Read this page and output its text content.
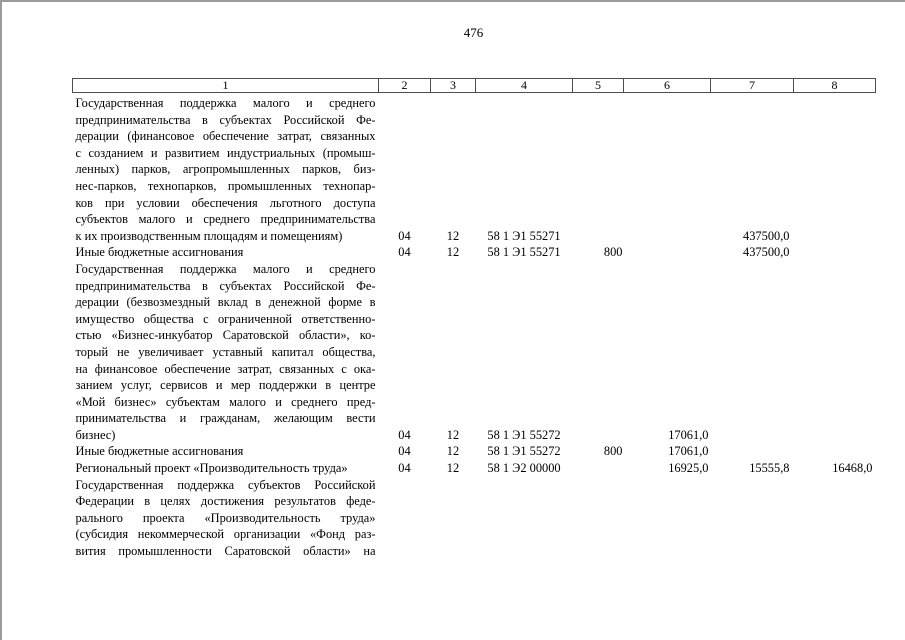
476
1	2	3	4	5	6	7	8

Государственная поддержка малого и среднего
предпринимательства в субъектах Российской Фе-
дерации (финансовое обеспечение затрат, связанных
с созданием и развитием индустриальных (промыш-
ленных) парков, агропромышленных парков, биз-
нес-парков, технопарков, промышленных технопар-
ков при условии обеспечения льготного доступа
субъектов малого и среднего предпринимательства
к их производственным площадям и помещениям)	04	12	58 1 Э1 55271			437500,0	

Иные бюджетные ассигнования	04	12	58 1 Э1 55271	800		437500,0	

Государственная поддержка малого и среднего
предпринимательства в субъектах Российской Фе-
дерации (безвозмездный вклад в денежной форме в
имущество общества с ограниченной ответственно-
стью «Бизнес-инкубатор Саратовской области», ко-
торый не увеличивает уставный капитал общества,
на финансовое обеспечение затрат, связанных с ока-
занием услуг, сервисов и мер поддержки в центре
«Мой бизнес» субъектам малого и среднего пред-
принимательства и гражданам, желающим вести
бизнес)	04	12	58 1 Э1 55272		17061,0		

Иные бюджетные ассигнования	04	12	58 1 Э1 55272	800	17061,0		

Региональный проект «Производительность труда»	04	12	58 1 Э2 00000		16925,0	15555,8	16468,0

Государственная поддержка субъектов Российской
Федерации в целях достижения результатов феде-
рального проекта «Производительность труда»
(субсидия некоммерческой организации «Фонд раз-
вития промышленности Саратовской области» на							
